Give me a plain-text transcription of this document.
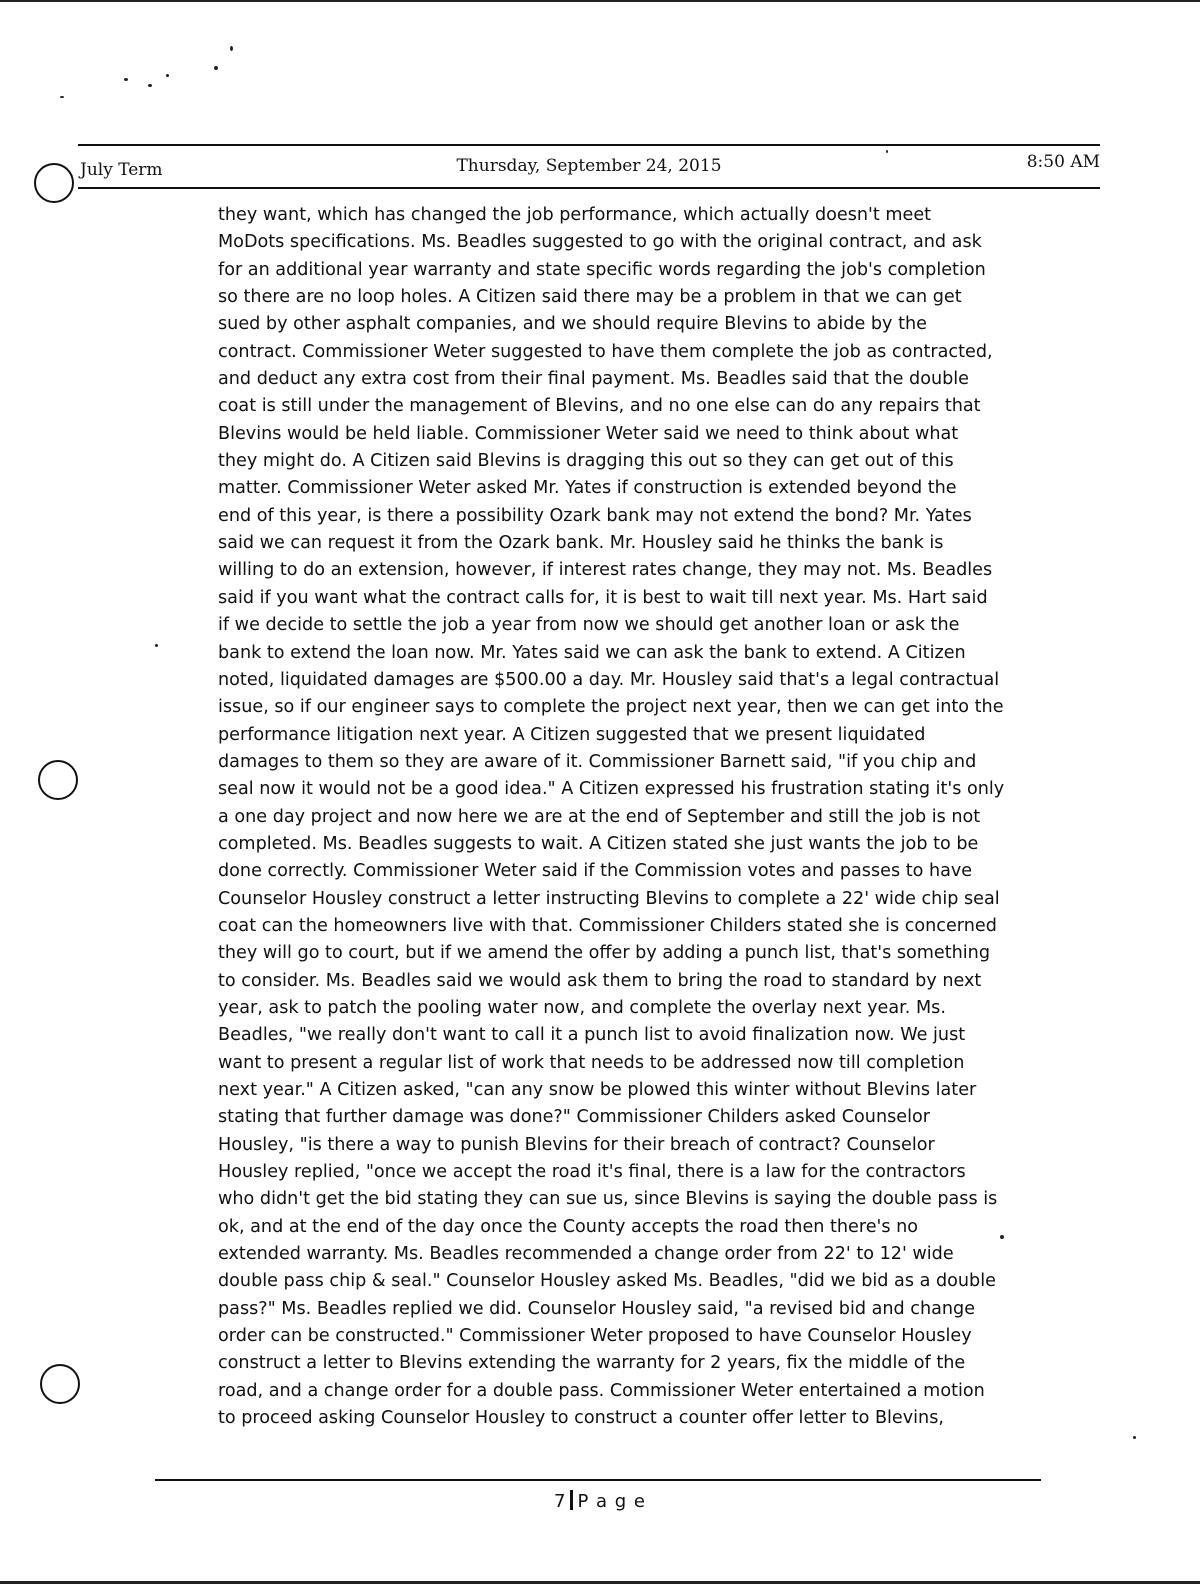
July Term	Thursday, September 24, 2015	8:50 AM
they want, which has changed the job performance, which actually doesn't meet
MoDots specifications. Ms. Beadles suggested to go with the original contract, and ask
for an additional year warranty and state specific words regarding the job's completion
so there are no loop holes. A Citizen said there may be a problem in that we can get
sued by other asphalt companies, and we should require Blevins to abide by the
contract. Commissioner Weter suggested to have them complete the job as contracted,
and deduct any extra cost from their final payment. Ms. Beadles said that the double
coat is still under the management of Blevins, and no one else can do any repairs that
Blevins would be held liable. Commissioner Weter said we need to think about what
they might do. A Citizen said Blevins is dragging this out so they can get out of this
matter. Commissioner Weter asked Mr. Yates if construction is extended beyond the
end of this year, is there a possibility Ozark bank may not extend the bond? Mr. Yates
said we can request it from the Ozark bank. Mr. Housley said he thinks the bank is
willing to do an extension, however, if interest rates change, they may not. Ms. Beadles
said if you want what the contract calls for, it is best to wait till next year. Ms. Hart said
if we decide to settle the job a year from now we should get another loan or ask the
bank to extend the loan now. Mr. Yates said we can ask the bank to extend. A Citizen
noted, liquidated damages are $500.00 a day. Mr. Housley said that's a legal contractual
issue, so if our engineer says to complete the project next year, then we can get into the
performance litigation next year. A Citizen suggested that we present liquidated
damages to them so they are aware of it. Commissioner Barnett said, "if you chip and
seal now it would not be a good idea." A Citizen expressed his frustration stating it's only
a one day project and now here we are at the end of September and still the job is not
completed. Ms. Beadles suggests to wait. A Citizen stated she just wants the job to be
done correctly. Commissioner Weter said if the Commission votes and passes to have
Counselor Housley construct a letter instructing Blevins to complete a 22' wide chip seal
coat can the homeowners live with that. Commissioner Childers stated she is concerned
they will go to court, but if we amend the offer by adding a punch list, that's something
to consider. Ms. Beadles said we would ask them to bring the road to standard by next
year, ask to patch the pooling water now, and complete the overlay next year. Ms.
Beadles, "we really don't want to call it a punch list to avoid finalization now. We just
want to present a regular list of work that needs to be addressed now till completion
next year." A Citizen asked, "can any snow be plowed this winter without Blevins later
stating that further damage was done?" Commissioner Childers asked Counselor
Housley, "is there a way to punish Blevins for their breach of contract? Counselor
Housley replied, "once we accept the road it's final, there is a law for the contractors
who didn't get the bid stating they can sue us, since Blevins is saying the double pass is
ok, and at the end of the day once the County accepts the road then there's no
extended warranty. Ms. Beadles recommended a change order from 22' to 12' wide
double pass chip & seal." Counselor Housley asked Ms. Beadles, "did we bid as a double
pass?" Ms. Beadles replied we did. Counselor Housley said, "a revised bid and change
order can be constructed." Commissioner Weter proposed to have Counselor Housley
construct a letter to Blevins extending the warranty for 2 years, fix the middle of the
road, and a change order for a double pass. Commissioner Weter entertained a motion
to proceed asking Counselor Housley to construct a counter offer letter to Blevins,
7 P a g e
